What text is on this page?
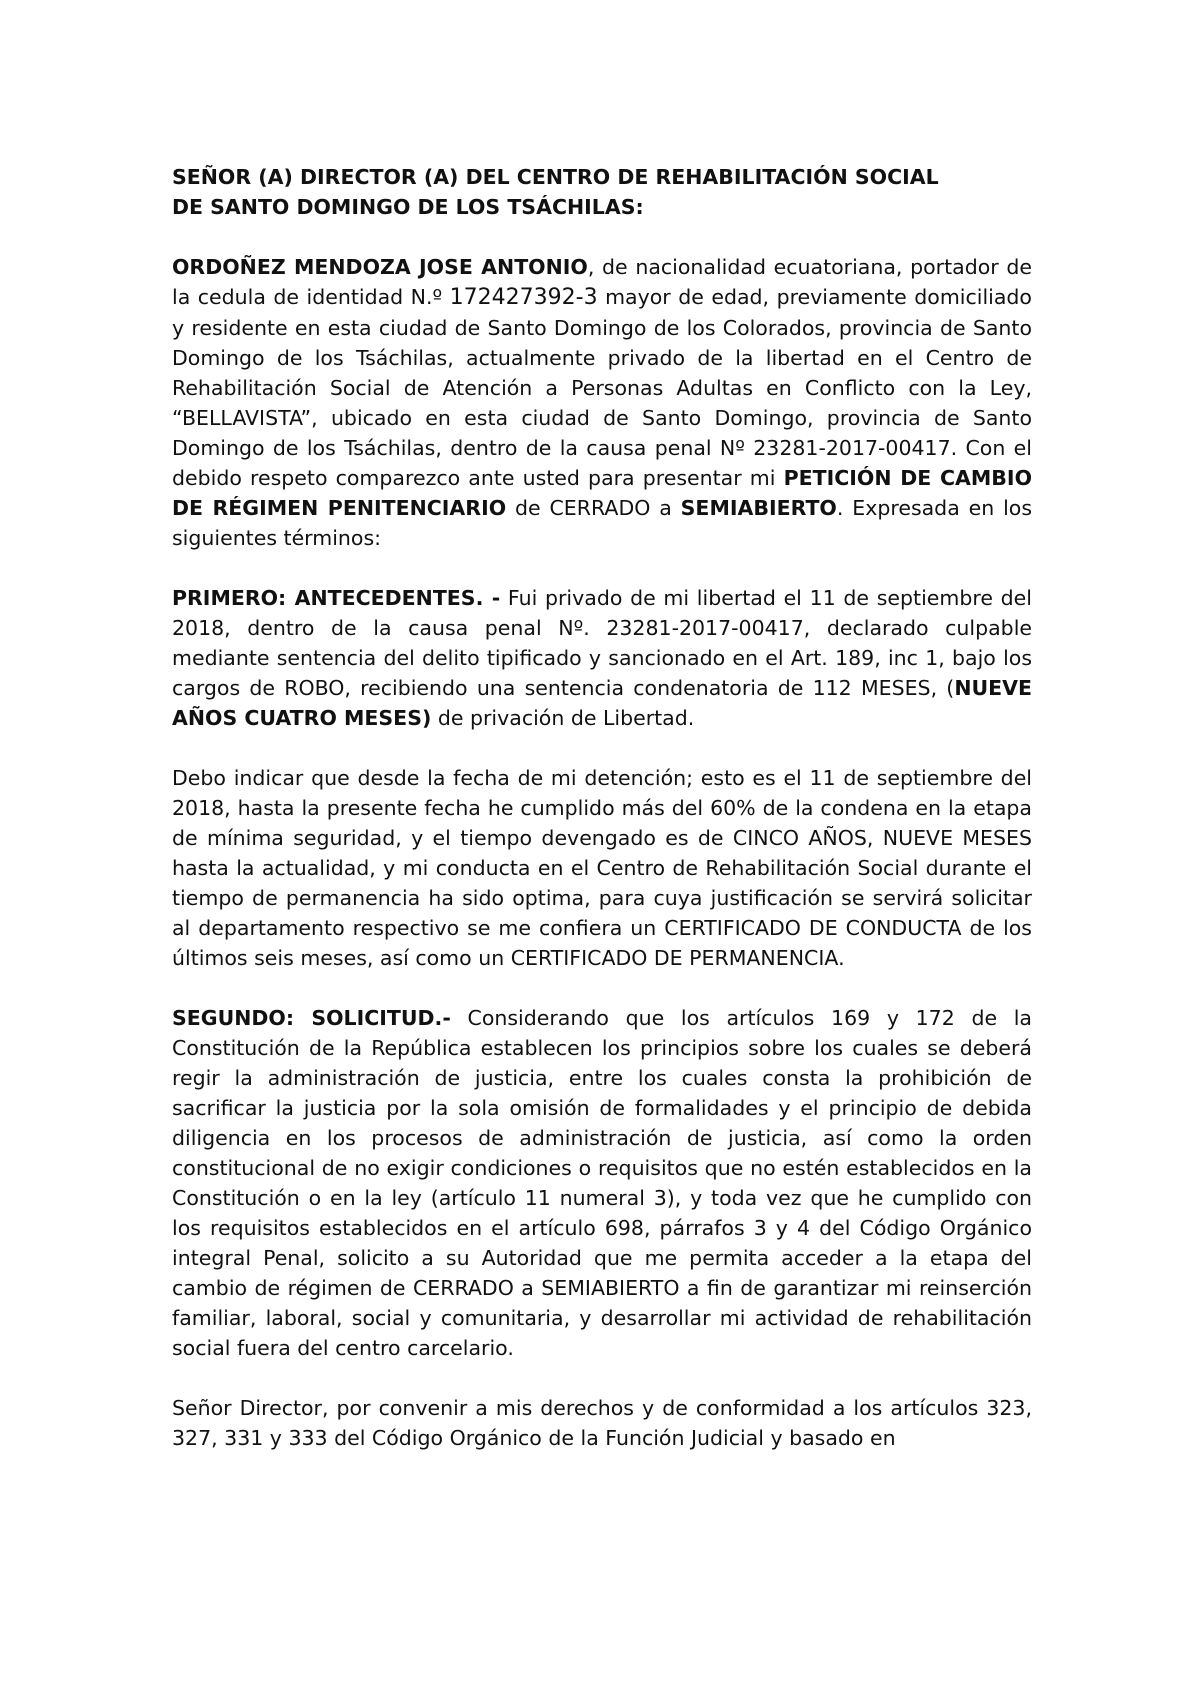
SEÑOR (A) DIRECTOR (A) DEL CENTRO DE REHABILITACIÓN SOCIAL
DE SANTO DOMINGO DE LOS TSÁCHILAS:

ORDOÑEZ MENDOZA JOSE ANTONIO, de nacionalidad ecuatoriana, portador de la cedula de identidad N.º 172427392-3 mayor de edad, previamente domiciliado y residente en esta ciudad de Santo Domingo de los Colorados, provincia de Santo Domingo de los Tsáchilas, actualmente privado de la libertad en el Centro de Rehabilitación Social de Atención a Personas Adultas en Conflicto con la Ley, “BELLAVISTA”, ubicado en esta ciudad de Santo Domingo, provincia de Santo Domingo de los Tsáchilas, dentro de la causa penal Nº 23281-2017-00417. Con el debido respeto comparezco ante usted para presentar mi PETICIÓN DE CAMBIO DE RÉGIMEN PENITENCIARIO de CERRADO a SEMIABIERTO. Expresada en los siguientes términos:

PRIMERO: ANTECEDENTES. - Fui privado de mi libertad el 11 de septiembre del 2018, dentro de la causa penal Nº. 23281-2017-00417, declarado culpable mediante sentencia del delito tipificado y sancionado en el Art. 189, inc 1, bajo los cargos de ROBO, recibiendo una sentencia condenatoria de 112 MESES, (NUEVE AÑOS CUATRO MESES) de privación de Libertad.

Debo indicar que desde la fecha de mi detención; esto es el 11 de septiembre del 2018, hasta la presente fecha he cumplido más del 60% de la condena en la etapa de mínima seguridad, y el tiempo devengado es de CINCO AÑOS, NUEVE MESES hasta la actualidad, y mi conducta en el Centro de Rehabilitación Social durante el tiempo de permanencia ha sido optima, para cuya justificación se servirá solicitar al departamento respectivo se me confiera un CERTIFICADO DE CONDUCTA de los últimos seis meses, así como un CERTIFICADO DE PERMANENCIA.

SEGUNDO: SOLICITUD.- Considerando que los artículos 169 y 172 de la Constitución de la República establecen los principios sobre los cuales se deberá regir la administración de justicia, entre los cuales consta la prohibición de sacrificar la justicia por la sola omisión de formalidades y el principio de debida diligencia en los procesos de administración de justicia, así como la orden constitucional de no exigir condiciones o requisitos que no estén establecidos en la Constitución o en la ley (artículo 11 numeral 3), y toda vez que he cumplido con los requisitos establecidos en el artículo 698, párrafos 3 y 4 del Código Orgánico integral Penal, solicito a su Autoridad que me permita acceder a la etapa del cambio de régimen de CERRADO a SEMIABIERTO a fin de garantizar mi reinserción familiar, laboral, social y comunitaria, y desarrollar mi actividad de rehabilitación social fuera del centro carcelario.

Señor Director, por convenir a mis derechos y de conformidad a los artículos 323, 327, 331 y 333 del Código Orgánico de la Función Judicial y basado en
